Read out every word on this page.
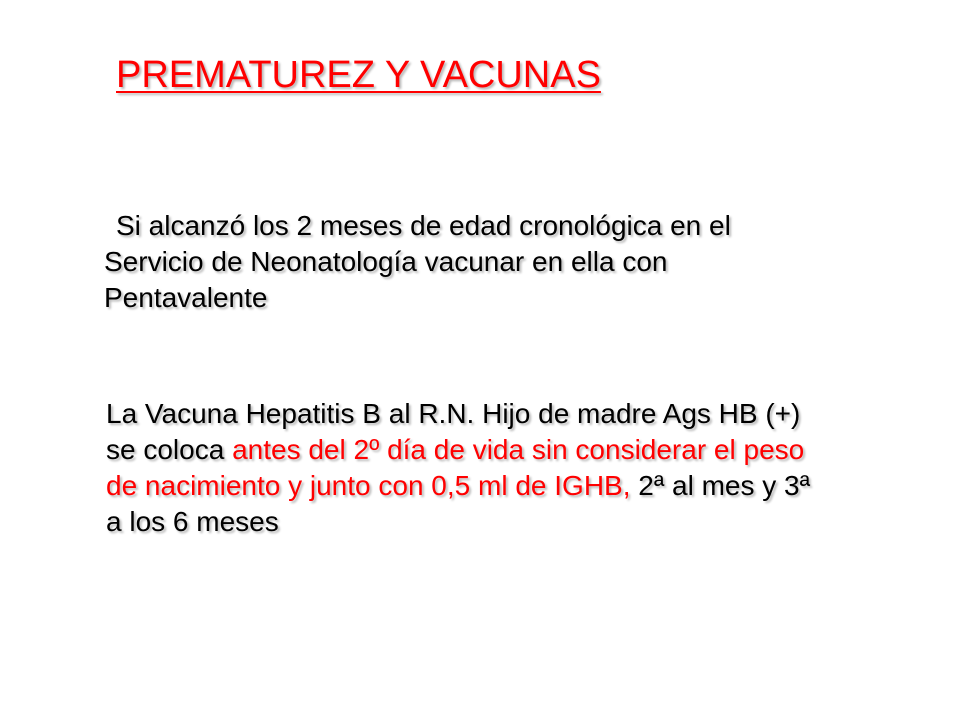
PREMATUREZ Y VACUNAS

Si alcanzó los 2 meses de edad cronológica en el Servicio de Neonatología vacunar en ella con Pentavalente

La Vacuna Hepatitis B al R.N. Hijo de madre Ags HB (+) se coloca antes del 2º día de vida sin considerar el peso de nacimiento y junto con 0,5 ml de IGHB, 2ª al mes y 3ª a los 6 meses
